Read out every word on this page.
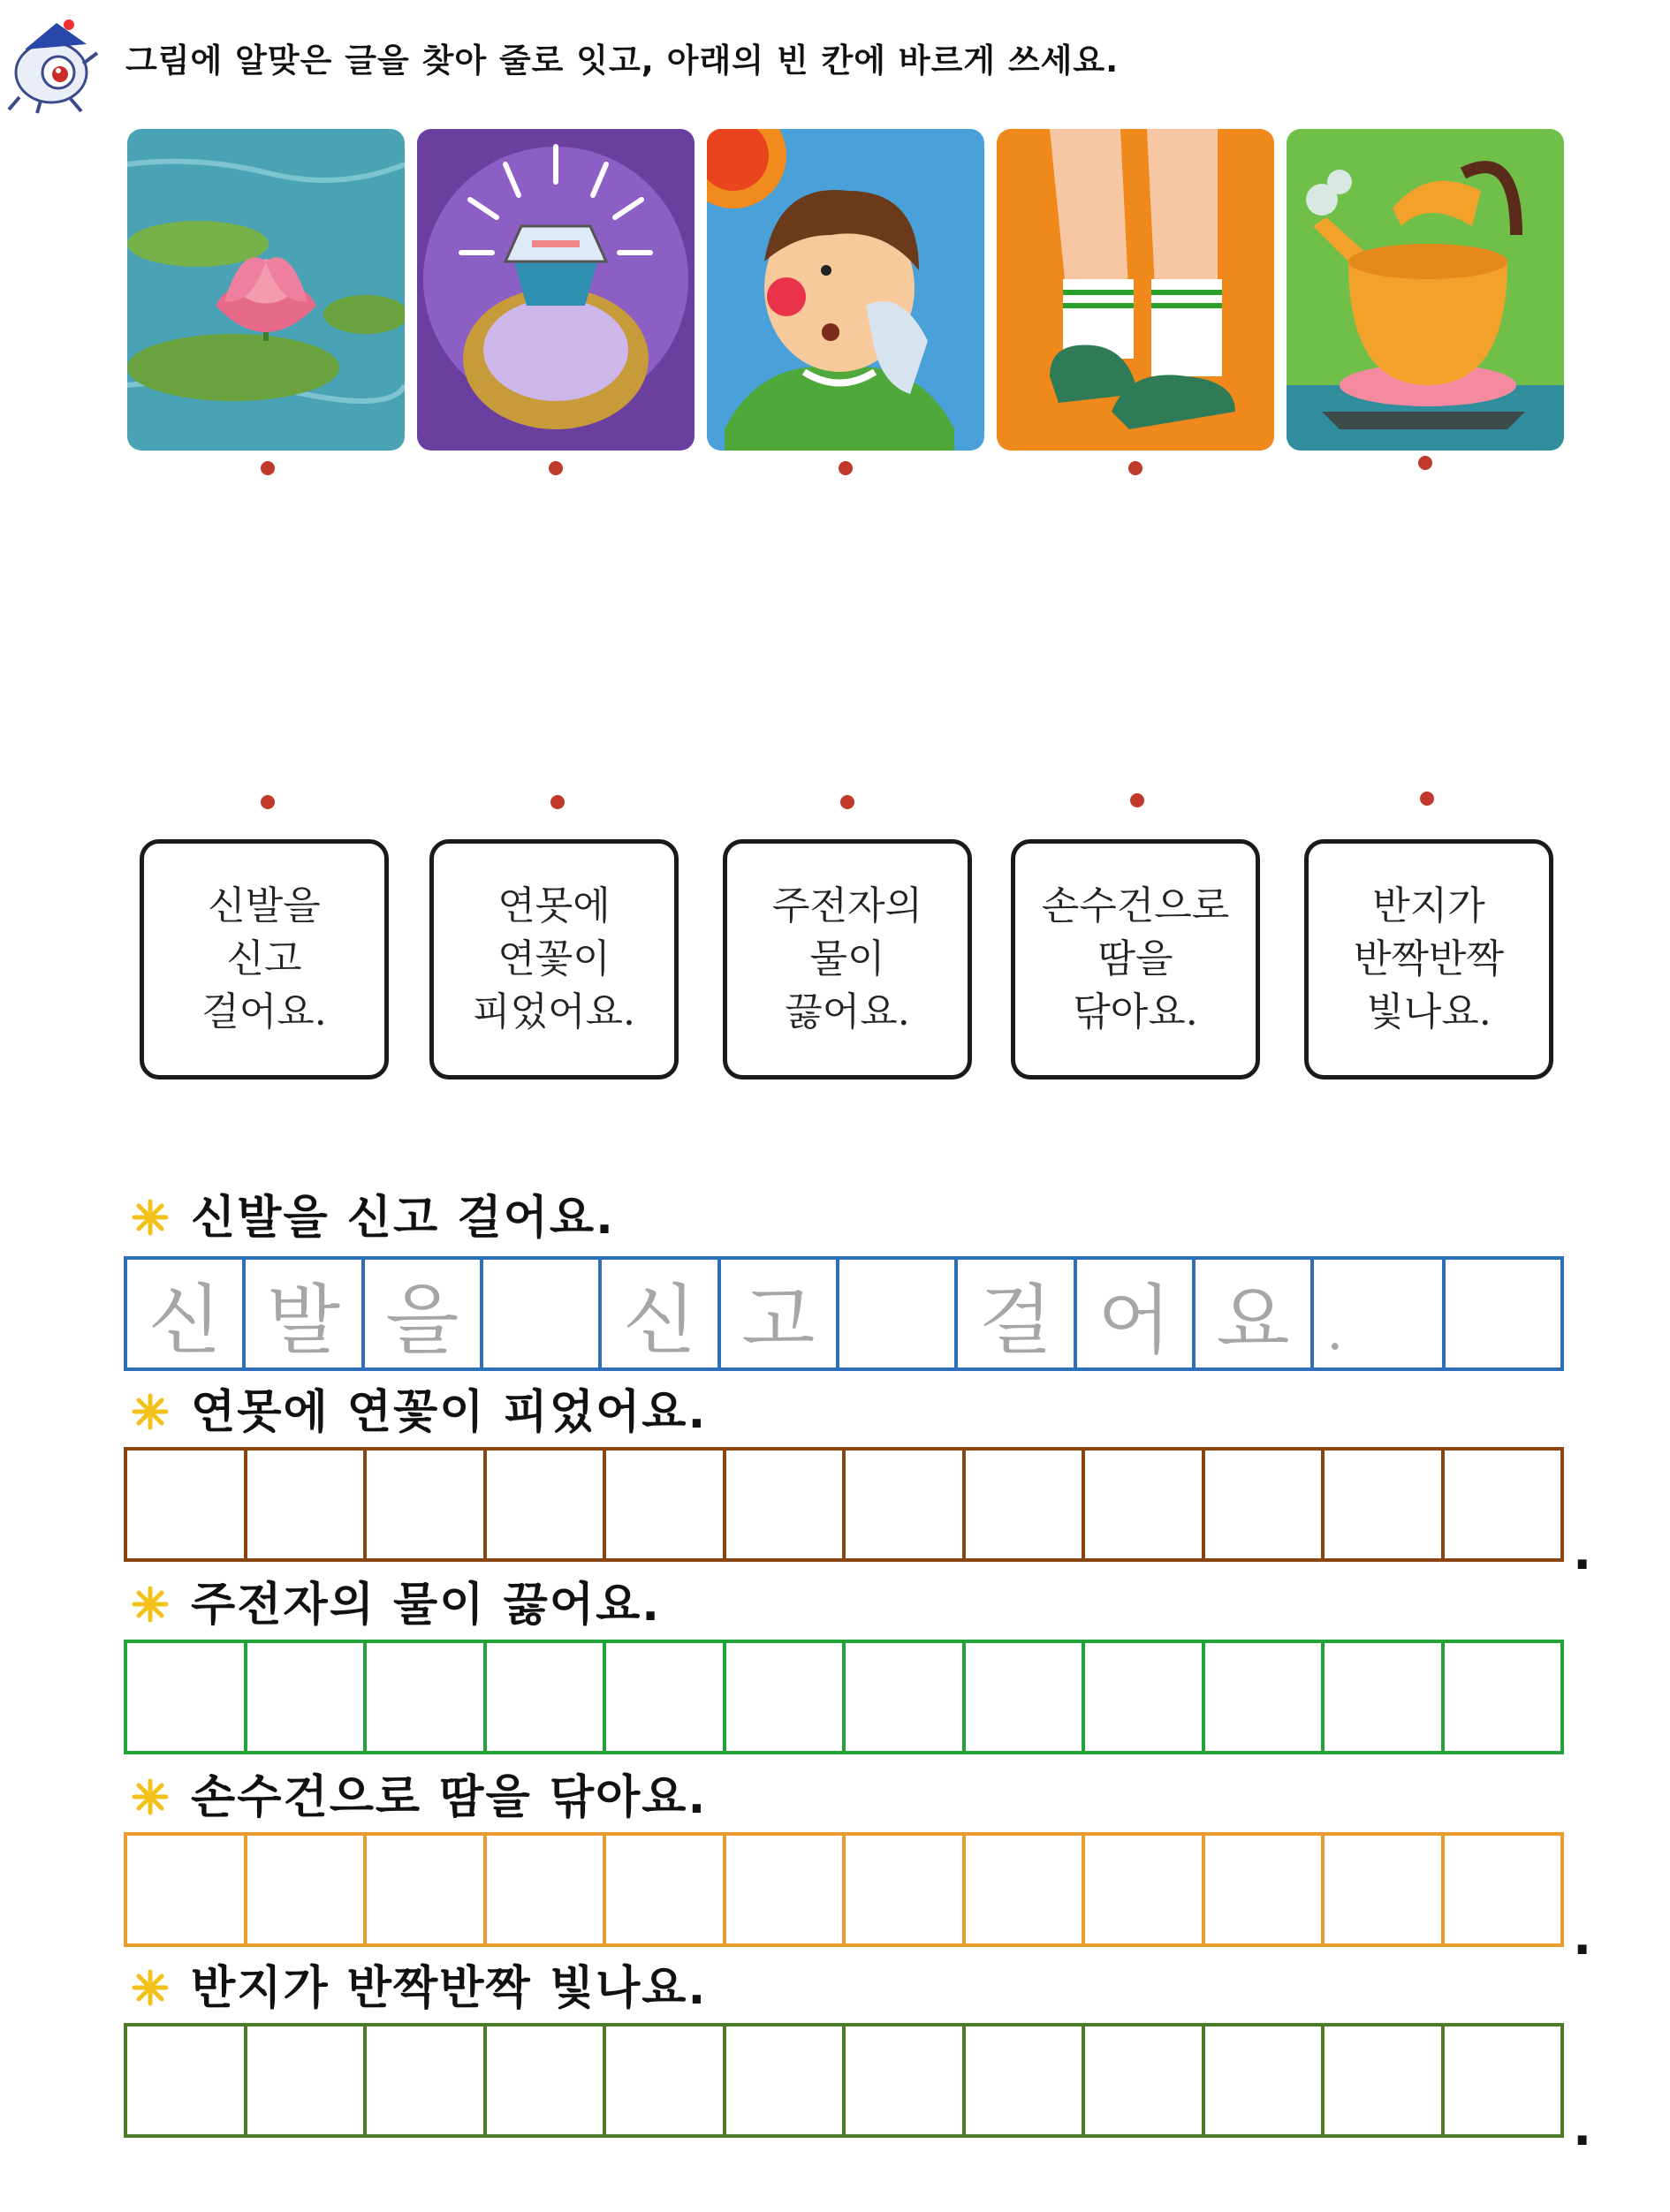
그림에 알맞은 글을 찾아 줄로 잇고, 아래의 빈 칸에 바르게 쓰세요.
신발을
신고
걸어요.
연못에
연꽃이
피었어요.
주전자의
물이
끓어요.
손수건으로
땀을
닦아요.
반지가
반짝반짝
빛나요.
신발을 신고 걸어요.
신 발 을	신 고	걸 어 요 .
연못에 연꽃이 피었어요.
.
주전자의 물이 끓어요.
손수건으로 땀을 닦아요.
.
반지가 반짝반짝 빛나요.
.
